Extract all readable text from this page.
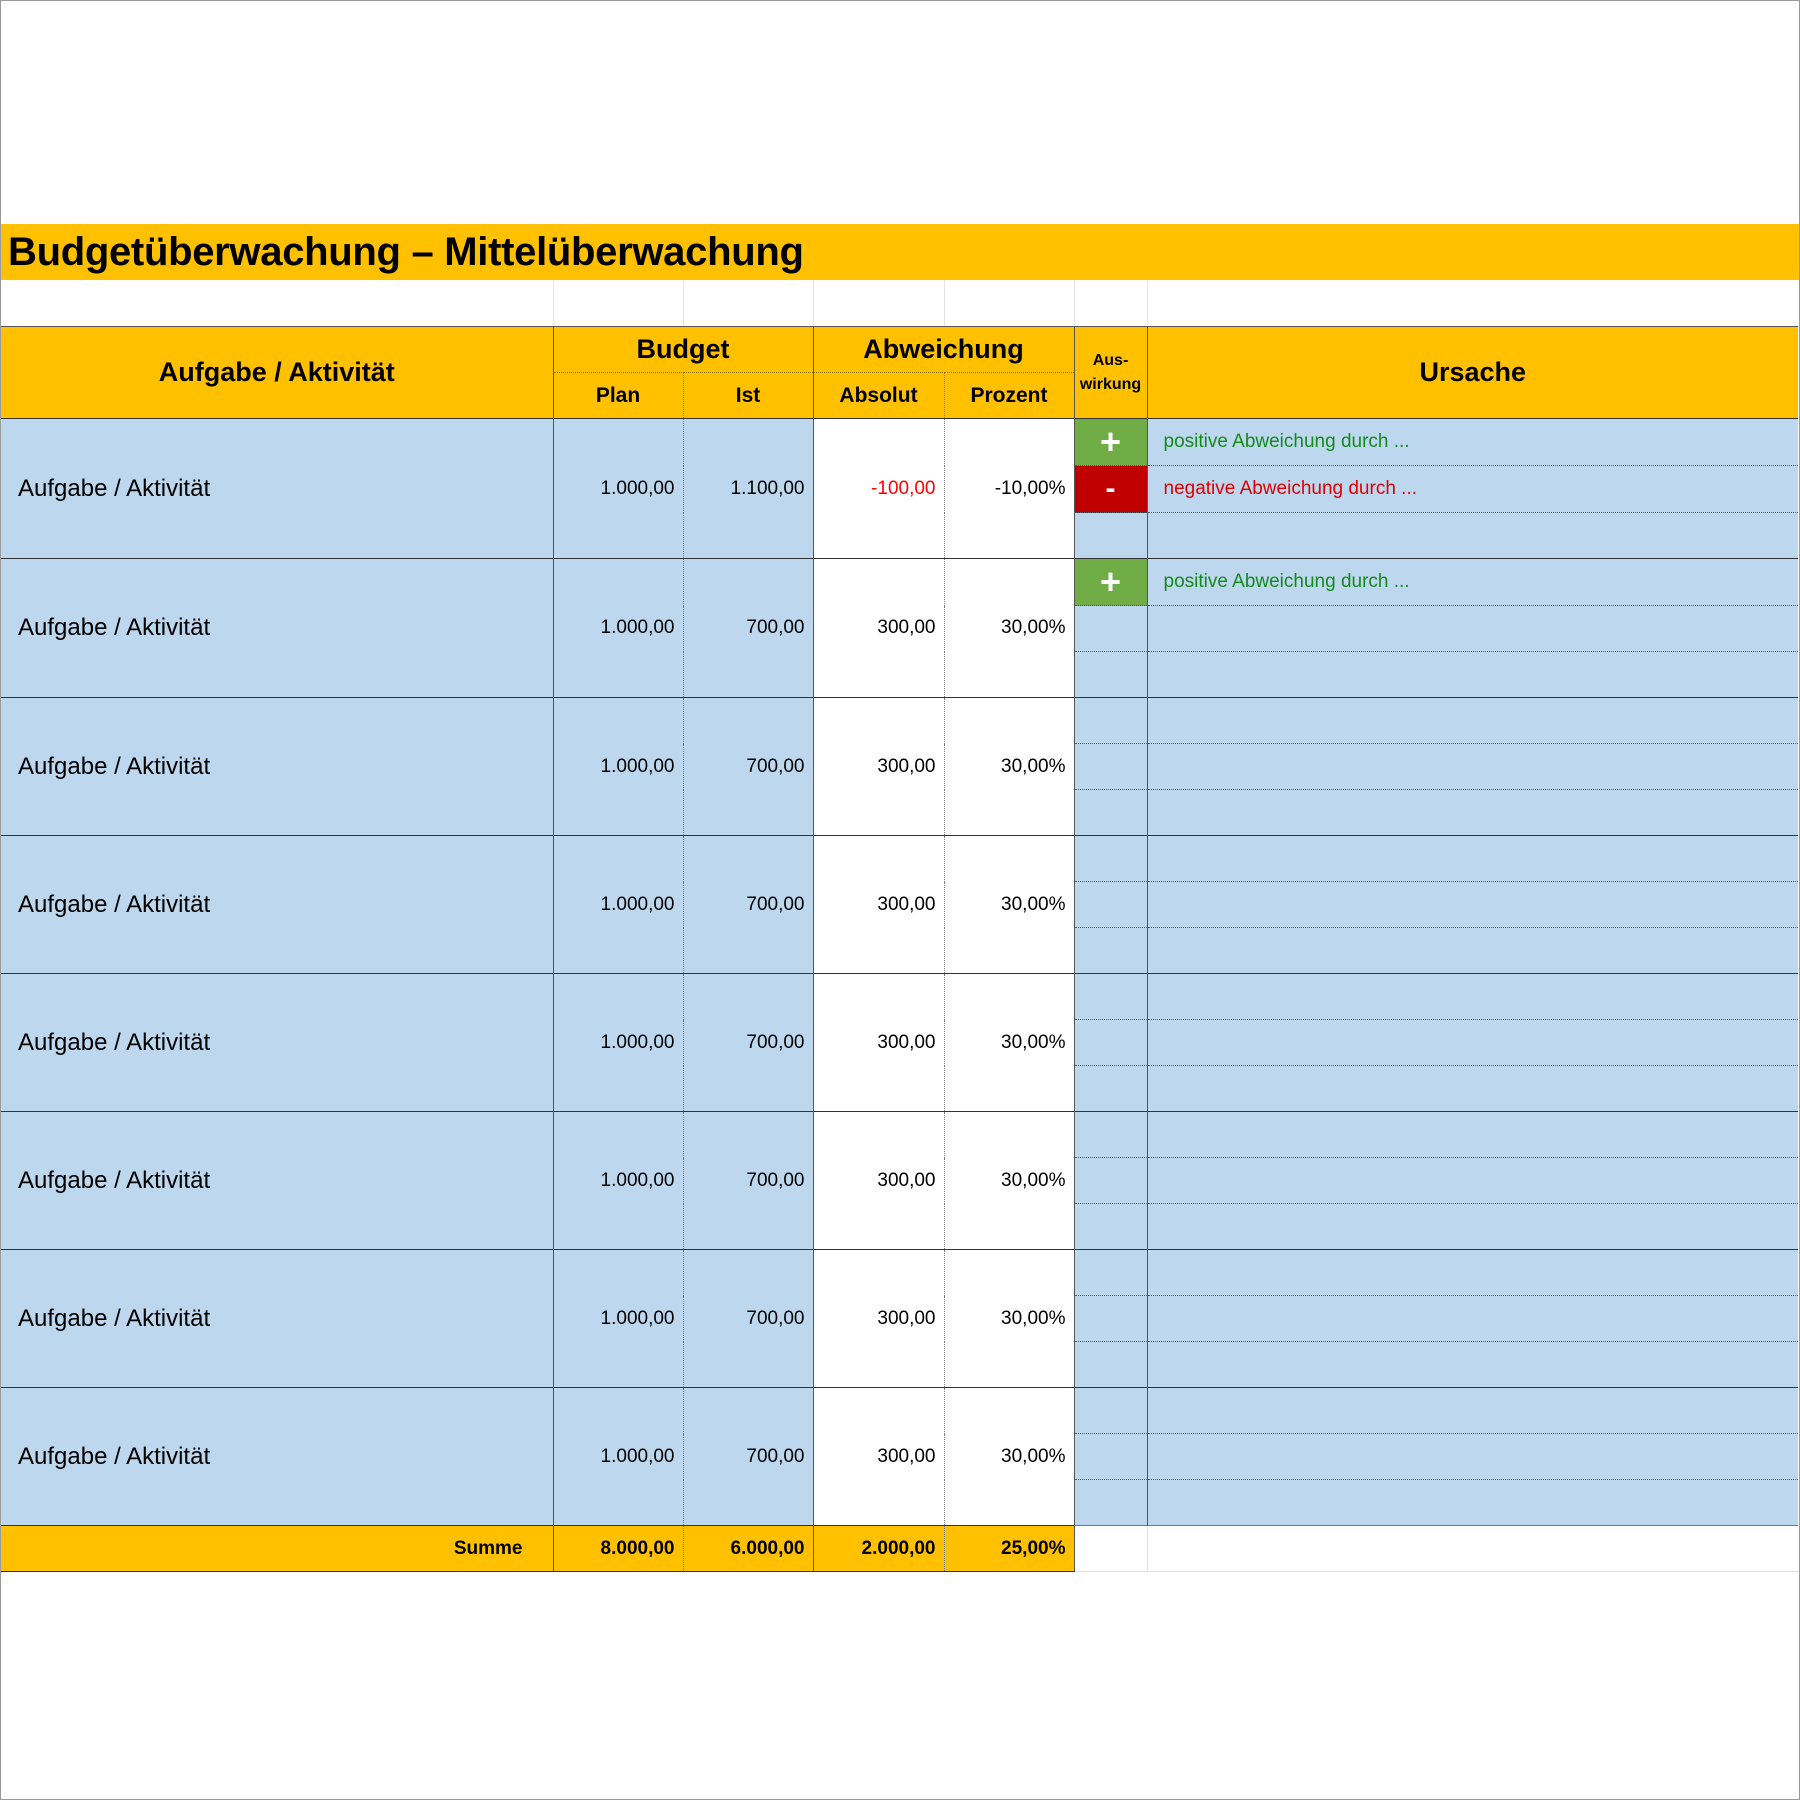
Budgetüberwachung – Mittelüberwachung
Aufgabe / Aktivität	Budget		Abweichung		Aus-
wirkung	Ursache
	Plan	Ist	Absolut	Prozent		
Aufgabe / Aktivität	1.000,00	1.100,00	-100,00	-10,00%	+	positive Abweichung durch ...
					-	negative Abweichung durch ...

Aufgabe / Aktivität	1.000,00	700,00	300,00	30,00%	+	positive Abweichung durch ...

Aufgabe / Aktivität	1.000,00	700,00	300,00	30,00%		

Aufgabe / Aktivität	1.000,00	700,00	300,00	30,00%		

Aufgabe / Aktivität	1.000,00	700,00	300,00	30,00%		

Aufgabe / Aktivität	1.000,00	700,00	300,00	30,00%		

Aufgabe / Aktivität	1.000,00	700,00	300,00	30,00%		

Aufgabe / Aktivität	1.000,00	700,00	300,00	30,00%		

Summe	8.000,00	6.000,00	2.000,00	25,00%		
